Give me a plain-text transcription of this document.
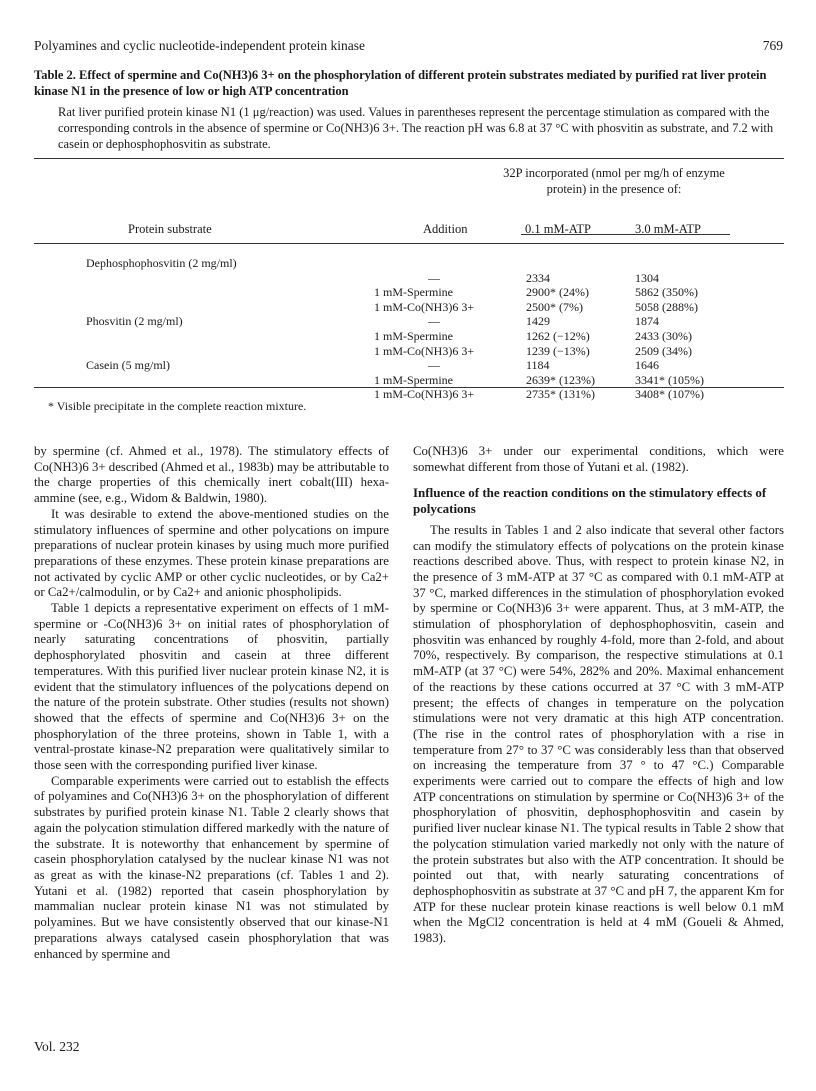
Polyamines and cyclic nucleotide-independent protein kinase	769
Table 2. Effect of spermine and Co(NH3)6 3+ on the phosphorylation of different protein substrates mediated by purified rat liver protein kinase N1 in the presence of low or high ATP concentration
Rat liver purified protein kinase N1 (1 μg/reaction) was used. Values in parentheses represent the percentage stimulation as compared with the corresponding controls in the absence of spermine or Co(NH3)6 3+. The reaction pH was 6.8 at 37 °C with phosvitin as substrate, and 7.2 with casein or dephosphophosvitin as substrate.
32P incorporated (nmol per mg/h of enzyme protein) in the presence of:
Protein substrate	Addition	0.1 mM-ATP	3.0 mM-ATP
Dephosphophosvitin (2 mg/ml)
—	2334	1304
1 mM-Spermine	2900* (24%)	5862 (350%)
1 mM-Co(NH3)6 3+	2500* (7%)	5058 (288%)
Phosvitin (2 mg/ml)	—	1429	1874
1 mM-Spermine	1262 (−12%)	2433 (30%)
1 mM-Co(NH3)6 3+	1239 (−13%)	2509 (34%)
Casein (5 mg/ml)	—	1184	1646
1 mM-Spermine	2639* (123%)	3341* (105%)
1 mM-Co(NH3)6 3+	2735* (131%)	3408* (107%)
* Visible precipitate in the complete reaction mixture.

by spermine (cf. Ahmed et al., 1978). The stimulatory effects of Co(NH3)6 3+ described (Ahmed et al., 1983b) may be attributable to the charge properties of this chemically inert cobalt(III) hexa-ammine (see, e.g., Widom & Baldwin, 1980).

It was desirable to extend the above-mentioned studies on the stimulatory influences of spermine and other polycations on impure preparations of nuclear protein kinases by using much more purified preparations of these enzymes. These protein kinase preparations are not activated by cyclic AMP or other cyclic nucleotides, or by Ca2+ or Ca2+/calmodulin, or by Ca2+ and anionic phospholipids.

Table 1 depicts a representative experiment on effects of 1 mM-spermine or -Co(NH3)6 3+ on initial rates of phosphorylation of nearly saturating concentrations of phosvitin, partially dephosphorylated phosvitin and casein at three different temperatures. With this purified liver nuclear protein kinase N2, it is evident that the stimulatory influences of the polycations depend on the nature of the protein substrate. Other studies (results not shown) showed that the effects of spermine and Co(NH3)6 3+ on the phosphorylation of the three proteins, shown in Table 1, with a ventral-prostate kinase-N2 preparation were qualitatively similar to those seen with the corresponding purified liver kinase.

Comparable experiments were carried out to establish the effects of polyamines and Co(NH3)6 3+ on the phosphorylation of different substrates by purified protein kinase N1. Table 2 clearly shows that again the polycation stimulation differed markedly with the nature of the substrate. It is noteworthy that enhancement by spermine of casein phosphorylation catalysed by the nuclear kinase N1 was not as great as with the kinase-N2 preparations (cf. Tables 1 and 2). Yutani et al. (1982) reported that casein phosphorylation by mammalian nuclear protein kinase N1 was not stimulated by polyamines. But we have consistently observed that our kinase-N1 preparations always catalysed casein phosphorylation that was enhanced by spermine and

Co(NH3)6 3+ under our experimental conditions, which were somewhat different from those of Yutani et al. (1982).

Influence of the reaction conditions on the stimulatory effects of polycations

The results in Tables 1 and 2 also indicate that several other factors can modify the stimulatory effects of polycations on the protein kinase reactions described above. Thus, with respect to protein kinase N2, in the presence of 3 mM-ATP at 37 °C as compared with 0.1 mM-ATP at 37 °C, marked differences in the stimulation of phosphorylation evoked by spermine or Co(NH3)6 3+ were apparent. Thus, at 3 mM-ATP, the stimulation of phosphorylation of dephosphophosvitin, casein and phosvitin was enhanced by roughly 4-fold, more than 2-fold, and about 70%, respectively. By comparison, the respective stimulations at 0.1 mM-ATP (at 37 °C) were 54%, 282% and 20%. Maximal enhancement of the reactions by these cations occurred at 37 °C with 3 mM-ATP present; the effects of changes in temperature on the polycation stimulations were not very dramatic at this high ATP concentration. (The rise in the control rates of phosphorylation with a rise in temperature from 27° to 37 °C was considerably less than that observed on increasing the temperature from 37 ° to 47 °C.) Comparable experiments were carried out to compare the effects of high and low ATP concentrations on stimulation by spermine or Co(NH3)6 3+ of the phosphorylation of phosvitin, dephosphophosvitin and casein by purified liver nuclear kinase N1. The typical results in Table 2 show that the polycation stimulation varied markedly not only with the nature of the protein substrates but also with the ATP concentration. It should be pointed out that, with nearly saturating concentrations of dephosphophosvitin as substrate at 37 °C and pH 7, the apparent Km for ATP for these nuclear protein kinase reactions is well below 0.1 mM when the MgCl2 concentration is held at 4 mM (Goueli & Ahmed, 1983).

Vol. 232
